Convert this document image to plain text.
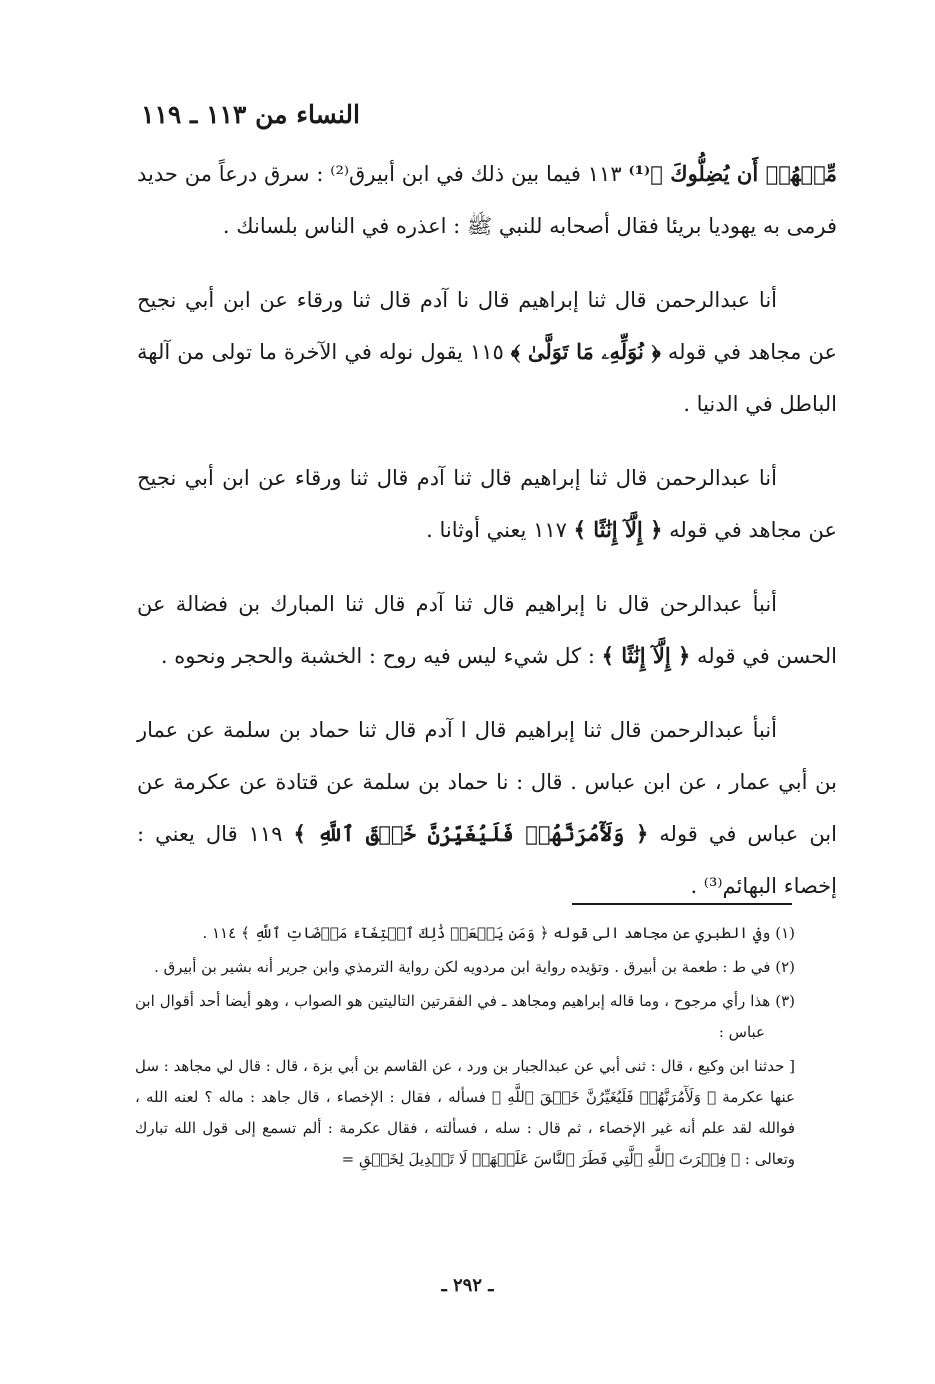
النساء من ١١٣ ـ ١١٩

مِّنۡهُمۡ أَن يُضِلُّوكَ ﴾⁽¹⁾ ١١٣ فيما بين ذلك في ابن أبيرق⁽²⁾ : سرق درعاً من حديد فرمى به يهوديا بريئا فقال أصحابه للنبي ﷺ : اعذره في الناس بلسانك .

أنا عبدالرحمن قال ثنا إبراهيم قال نا آدم قال ثنا ورقاء عن ابن أبي نجيح عن مجاهد في قوله ﴿ نُوَلِّهِۦ مَا تَوَلَّىٰ ﴾ ١١٥ يقول نوله في الآخرة ما تولى من آلهة الباطل في الدنيا .

أنا عبدالرحمن قال ثنا إبراهيم قال ثنا آدم قال ثنا ورقاء عن ابن أبي نجيح عن مجاهد في قوله ﴿ إِلَّآ إِنَٰثًا ﴾ ١١٧ يعني أوثانا .

أنبأ عبدالرحن قال نا إبراهيم قال ثنا آدم قال ثنا المبارك بن فضالة عن الحسن في قوله ﴿ إِلَّآ إِنَٰثًا ﴾ : كل شيء ليس فيه روح : الخشبة والحجر ونحوه .

أنبأ عبدالرحمن قال ثنا إبراهيم قال ا آدم قال ثنا حماد بن سلمة عن عمار بن أبي عمار ، عن ابن عباس . قال : نا حماد بن سلمة عن قتادة عن عكرمة عن ابن عباس في قوله ﴿ وَلَأٓمُرَنَّهُمۡ فَلَيُغَيِّرُنَّ خَلۡقَ ٱللَّهِ ﴾ ١١٩ قال يعني : إخصاء البهائم⁽³⁾ .

(١) وفي الطبري عن مجاهد الى قوله ﴿ وَمَن يَفۡعَلۡ ذَٰلِكَ ٱبۡتِغَآءَ مَرۡضَاتِ ٱللَّهِ ﴾ ١١٤ .

(٢) في ط : طعمة بن أبيرق . وتؤيده رواية ابن مردويه لكن رواية الترمذي وابن جرير أنه بشير بن أبيرق .

(٣) هذا رأي مرجوح ، وما قاله إبراهيم ومجاهد ـ في الفقرتين التاليتين هو الصواب ، وهو أيضا أحد أقوال ابن عباس :

[ حدثنا ابن وكيع ، قال : ثنى أبي عن عبدالجبار بن ورد ، عن القاسم بن أبي بزة ، قال : قال لي مجاهد : سل عنها عكرمة ﴿ وَلَأٓمُرَنَّهُمۡ فَلَيُغَيِّرُنَّ خَلۡقَ ٱللَّهِ ﴾ فسأله ، فقال : الإخصاء ، قال جاهد : ماله ؟ لعنه الله ، فوالله لقد علم أنه غير الإخصاء ، ثم قال : سله ، فسألته ، فقال عكرمة : ألم تسمع إلى قول الله تبارك وتعالى : ﴿ فِطۡرَتَ ٱللَّهِ ٱلَّتِي فَطَرَ ٱلنَّاسَ عَلَيۡهَاۚ لَا تَبۡدِيلَ لِخَلۡقِ =

ـ ٢٩٢ ـ
